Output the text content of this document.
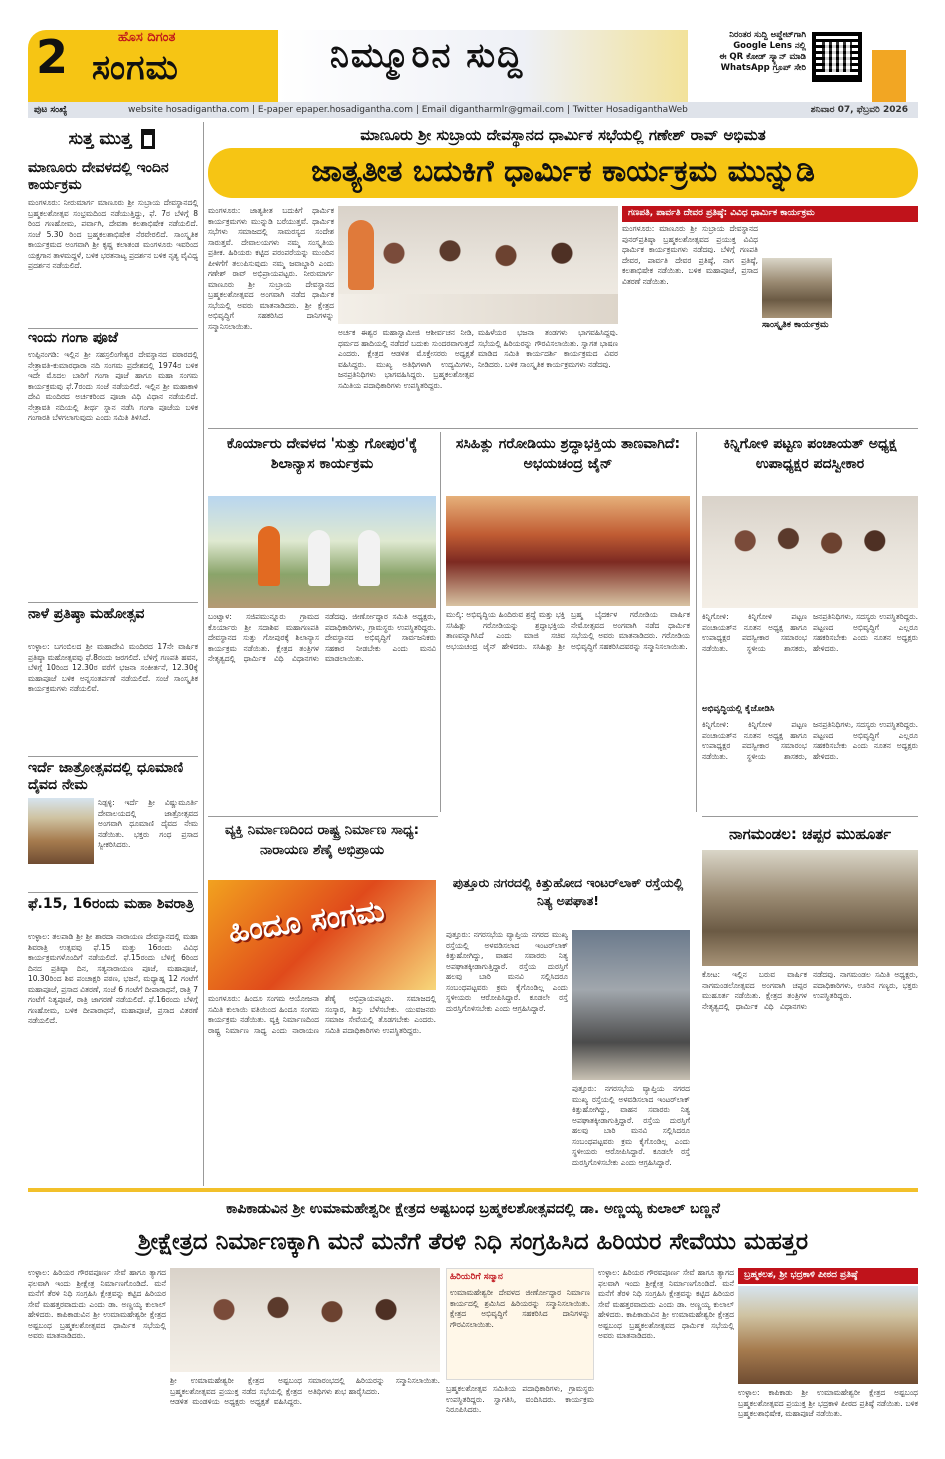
2	ಹೊಸ ದಿಗಂತ
ಸಂಗಮ	ನಿಮ್ಮೂರಿನ ಸುದ್ದಿ

ನಿರಂತರ ಸುದ್ದಿ ಅಪ್ಡೇಟ್‌ಗಾಗಿ

Google Lens ನಲ್ಲಿ

ಈ QR ಕೋಡ್ ಸ್ಕ್ಯಾನ್ ಮಾಡಿ

WhatsApp ಗ್ರೂಪ್ ಸೇರಿ

ಪುಟ ಸಂಖ್ಯೆ	website hosadiganthа.com | E-paper epaper.hosadigantha.com | Email digantharmlr@gmail.com | Twitter HosadiganthaWeb	ಶನಿವಾರ 07, ಫೆಬ್ರವರಿ 2026
ಸುತ್ತ ಮುತ್ತ
ಮಾಣೂರು ದೇವಳದಲ್ಲಿ ಇಂದಿನ ಕಾರ್ಯಕ್ರಮ
ಮಂಗಳೂರು: ನೀರುಮಾರ್ಗ ಮಾಣೂರು ಶ್ರೀ ಸುಬ್ರಾಯ ದೇವಸ್ಥಾನದಲ್ಲಿ ಬ್ರಹ್ಮಕಲಶೋತ್ಸವ ಸಂಭ್ರಮದಿಂದ ನಡೆಯುತ್ತಿದ್ದು, ಫೆ. 7ರ ಬೆಳಿಗ್ಗೆ 8 ರಿಂದ ಗಣಹೋಮ, ಪರ್ವಾಗಿ, ದೇವತಾ ಕಲಶಾಭಿಷೇಕ ನಡೆಯಲಿದೆ. ಸಂಜೆ 5.30 ರಿಂದ ಬ್ರಹ್ಮಕಲಶಾಭಿಷೇಕ ನೆರವೇರಲಿದೆ. ಸಾಂಸ್ಕೃತಿಕ ಕಾರ್ಯಕ್ರಮದ ಅಂಗವಾಗಿ ಶ್ರೀ ಕೃಷ್ಣ ಕಲಾತಂಡ ಮಂಗಳೂರು ಇವರಿಂದ ಯಕ್ಷಗಾನ ತಾಳಮದ್ದಳೆ, ಬಳಿಕ ಭರತನಾಟ್ಯ ಪ್ರದರ್ಶನ ಬಳಿಕ ನೃತ್ಯ ವೈವಿಧ್ಯ ಪ್ರದರ್ಶನ ನಡೆಯಲಿದೆ.
ಇಂದು ಗಂಗಾ ಪೂಜೆ
ಉಪ್ಪಿನಂಗಡಿ: ಇಲ್ಲಿನ ಶ್ರೀ ಸಹಸ್ರಲಿಂಗೇಶ್ವರ ದೇವಸ್ಥಾನದ ವಠಾರದಲ್ಲಿ ನೇತ್ರಾವತಿ-ಕುಮಾರಧಾರಾ ನದಿ ಸಂಗಮ ಪ್ರದೇಶದಲ್ಲಿ 1974ರ ಬಳಿಕ ಇದೇ ಮೊದಲ ಬಾರಿಗೆ ಗಂಗಾ ಪೂಜೆ ಹಾಗೂ ಮಹಾ ಸಂಗಮ ಕಾರ್ಯಕ್ರಮವು ಫೆ.7ರಂದು ಸಂಜೆ ನಡೆಯಲಿದೆ. ಇಲ್ಲಿನ ಶ್ರೀ ಮಹಾಕಾಳಿ ದೇವಿ ಮಂದಿರದ ಅರ್ಚಕರಿಂದ ಪೂಜಾ ವಿಧಿ ವಿಧಾನ ನಡೆಯಲಿದೆ. ನೇತ್ರಾವತಿ ನದಿಯಲ್ಲಿ ತೀರ್ಥ ಸ್ನಾನ ನಡೆಸಿ ಗಂಗಾ ಪೂಜೆಯ ಬಳಿಕ ಗಂಗಾರತಿ ಬೆಳಗಲಾಗುವುದು ಎಂದು ಸಮಿತಿ ತಿಳಿಸಿದೆ.
ನಾಳೆ ಪ್ರತಿಷ್ಠಾ ಮಹೋತ್ಸವ
ಉಳ್ಳಾಲ: ಬಗಂಬಿಲದ ಶ್ರೀ ಮಹಾದೇವಿ ಮಂದಿರದ 17ನೇ ವಾರ್ಷಿಕ ಪ್ರತಿಷ್ಠಾ ಮಹೋತ್ಸವವು ಫೆ.8ರಂದು ಜರಗಲಿದೆ. ಬೆಳಿಗ್ಗೆ ಗಣಪತಿ ಹವನ, ಬೆಳಿಗ್ಗೆ 10ರಿಂದ 12.30ರ ವರೆಗೆ ಭಜನಾ ಸಂಕೀರ್ತನೆ, 12.30ಕ್ಕೆ ಮಹಾಪೂಜೆ ಬಳಿಕ ಅನ್ನಸಂತರ್ಪಣೆ ನಡೆಯಲಿದೆ. ಸಂಜೆ ಸಾಂಸ್ಕೃತಿಕ ಕಾರ್ಯಕ್ರಮಗಳು ನಡೆಯಲಿವೆ.
ಇರ್ದೆ ಜಾತ್ರೋತ್ಸವದಲ್ಲಿ ಧೂಮಾಣಿ ದೈವದ ನೇಮ
ನಿಡ್ಪಳ್ಳಿ: ಇರ್ದೆ ಶ್ರೀ ವಿಷ್ಣುಮೂರ್ತಿ ದೇವಾಲಯದಲ್ಲಿ ಜಾತ್ರೋತ್ಸವದ ಅಂಗವಾಗಿ ಧೂಮಾಣಿ ದೈವದ ನೇಮ ನಡೆಯಿತು. ಭಕ್ತರು ಗಂಧ ಪ್ರಸಾದ ಸ್ವೀಕರಿಸಿದರು.
ಫೆ.15, 16ರಂದು ಮಹಾ ಶಿವರಾತ್ರಿ
ಉಳ್ಳಾಲ: ತಲಪಾಡಿ ಶ್ರೀ ಶ್ರೀ ಶಾರದಾ ನಾರಾಯಣ ದೇವಸ್ಥಾನದಲ್ಲಿ ಮಹಾ ಶಿವರಾತ್ರಿ ಉತ್ಸವವು ಫೆ.15 ಮತ್ತು 16ರಂದು ವಿವಿಧ ಕಾರ್ಯಕ್ರಮಗಳೊಂದಿಗೆ ನಡೆಯಲಿದೆ. ಫೆ.15ರಂದು ಬೆಳಿಗ್ಗೆ 6ರಿಂದ ದಿನದ ಪ್ರತಿಷ್ಠಾ ದಿನ, ಸತ್ಯನಾರಾಯಣ ಪೂಜೆ, ಮಹಾಪೂಜೆ, 10.30ರಿಂದ ಶಿವ ಪಂಚಾಕ್ಷರಿ ಪಠಣ, ಭಜನೆ, ಮಧ್ಯಾಹ್ನ 12 ಗಂಟೆಗೆ ಮಹಾಪೂಜೆ, ಪ್ರಸಾದ ವಿತರಣೆ, ಸಂಜೆ 6 ಗಂಟೆಗೆ ದೀಪಾರಾಧನೆ, ರಾತ್ರಿ 7 ಗಂಟೆಗೆ ನಿತ್ಯಪೂಜೆ, ರಾತ್ರಿ ಜಾಗರಣೆ ನಡೆಯಲಿದೆ. ಫೆ.16ರಂದು ಬೆಳಿಗ್ಗೆ ಗಣಹೋಮ, ಬಳಿಕ ದೀಪಾರಾಧನೆ, ಮಹಾಪೂಜೆ, ಪ್ರಸಾದ ವಿತರಣೆ ನಡೆಯಲಿದೆ.
ಮಾಣೂರು ಶ್ರೀ ಸುಬ್ರಾಯ ದೇವಸ್ಥಾನದ ಧಾರ್ಮಿಕ ಸಭೆಯಲ್ಲಿ ಗಣೇಶ್ ರಾವ್ ಅಭಿಮತ
ಜಾತ್ಯತೀತ ಬದುಕಿಗೆ ಧಾರ್ಮಿಕ ಕಾರ್ಯಕ್ರಮ ಮುನ್ನುಡಿ
ಮಂಗಳೂರು: ಜಾತ್ಯತೀತ ಬದುಕಿಗೆ ಧಾರ್ಮಿಕ ಕಾರ್ಯಕ್ರಮಗಳು ಮುನ್ನುಡಿ ಬರೆಯುತ್ತವೆ. ಧಾರ್ಮಿಕ ಸಭೆಗಳು ಸಮಾಜದಲ್ಲಿ ಸಾಮರಸ್ಯದ ಸಂದೇಶ ಸಾರುತ್ತವೆ. ದೇವಾಲಯಗಳು ನಮ್ಮ ಸಂಸ್ಕೃತಿಯ ಪ್ರತೀಕ. ಹಿರಿಯರು ಕಟ್ಟಿದ ಪರಂಪರೆಯನ್ನು ಮುಂದಿನ ಪೀಳಿಗೆಗೆ ತಲುಪಿಸುವುದು ನಮ್ಮ ಜವಾಬ್ದಾರಿ ಎಂದು ಗಣೇಶ್ ರಾವ್ ಅಭಿಪ್ರಾಯಪಟ್ಟರು. ನೀರುಮಾರ್ಗ ಮಾಣೂರು ಶ್ರೀ ಸುಬ್ರಾಯ ದೇವಸ್ಥಾನದ ಬ್ರಹ್ಮಕಲಶೋತ್ಸವದ ಅಂಗವಾಗಿ ನಡೆದ ಧಾರ್ಮಿಕ ಸಭೆಯಲ್ಲಿ ಅವರು ಮಾತನಾಡಿದರು. ಶ್ರೀ ಕ್ಷೇತ್ರದ ಅಭಿವೃದ್ಧಿಗೆ ಸಹಕರಿಸಿದ ದಾನಿಗಳನ್ನು ಸನ್ಮಾನಿಸಲಾಯಿತು.
ಅರ್ಚಕ ಈಶ್ವರ ಮಹಾಸ್ವಾಮೀಜಿ ಆಶೀರ್ವಚನ ನೀಡಿ, ಧರ್ಮದ ಹಾದಿಯಲ್ಲಿ ನಡೆದರೆ ಬದುಕು ಸುಂದರವಾಗುತ್ತದೆ ಎಂದರು. ಕ್ಷೇತ್ರದ ಆಡಳಿತ ಮೊಕ್ತೇಸರರು ಅಧ್ಯಕ್ಷತೆ ವಹಿಸಿದ್ದರು. ಮುಖ್ಯ ಅತಿಥಿಗಳಾಗಿ ಉದ್ಯಮಿಗಳು, ಜನಪ್ರತಿನಿಧಿಗಳು ಭಾಗವಹಿಸಿದ್ದರು. ಬ್ರಹ್ಮಕಲಶೋತ್ಸವ ಸಮಿತಿಯ ಪದಾಧಿಕಾರಿಗಳು ಉಪಸ್ಥಿತರಿದ್ದರು.
ಮಹಿಳೆಯರ ಭಜನಾ ತಂಡಗಳು ಭಾಗವಹಿಸಿದ್ದವು. ಸಭೆಯಲ್ಲಿ ಹಿರಿಯರನ್ನು ಗೌರವಿಸಲಾಯಿತು. ಸ್ವಾಗತ ಭಾಷಣ ಮಾಡಿದ ಸಮಿತಿ ಕಾರ್ಯದರ್ಶಿ ಕಾರ್ಯಕ್ರಮದ ವಿವರ ನೀಡಿದರು. ಬಳಿಕ ಸಾಂಸ್ಕೃತಿಕ ಕಾರ್ಯಕ್ರಮಗಳು ನಡೆದವು.
ಗಣಪತಿ, ಪಾರ್ವತಿ ದೇವರ ಪ್ರತಿಷ್ಠೆ: ವಿವಿಧ ಧಾರ್ಮಿಕ ಕಾರ್ಯಕ್ರಮ
ಮಂಗಳೂರು: ಮಾಣೂರು ಶ್ರೀ ಸುಬ್ರಾಯ ದೇವಸ್ಥಾನದ ಪುನರ್‌ಪ್ರತಿಷ್ಠಾ ಬ್ರಹ್ಮಕಲಶೋತ್ಸವದ ಪ್ರಯುಕ್ತ ವಿವಿಧ ಧಾರ್ಮಿಕ ಕಾರ್ಯಕ್ರಮಗಳು ನಡೆದವು. ಬೆಳಿಗ್ಗೆ ಗಣಪತಿ ದೇವರ, ಪಾರ್ವತಿ ದೇವರ ಪ್ರತಿಷ್ಠೆ, ನಾಗ ಪ್ರತಿಷ್ಠೆ, ಕಲಶಾಭಿಷೇಕ ನಡೆಯಿತು. ಬಳಿಕ ಮಹಾಪೂಜೆ, ಪ್ರಸಾದ ವಿತರಣೆ ನಡೆಯಿತು.
ಸಾಂಸ್ಕೃತಿಕ ಕಾರ್ಯಕ್ರಮ
ಕೊರ್ಯಾರು ದೇವಳದ 'ಸುತ್ತು ಗೋಪುರ'ಕ್ಕೆ ಶಿಲಾನ್ಯಾಸ ಕಾರ್ಯಕ್ರಮ
ಬಂಟ್ವಾಳ: ಸಜಿಪಮುನ್ನೂರು ಗ್ರಾಮದ ಕೊರ್ಯಾರು ಶ್ರೀ ಸದಾಶಿವ ಮಹಾಗಣಪತಿ ದೇವಸ್ಥಾನದ ಸುತ್ತು ಗೋಪುರಕ್ಕೆ ಶಿಲಾನ್ಯಾಸ ಕಾರ್ಯಕ್ರಮ ನಡೆಯಿತು. ಕ್ಷೇತ್ರದ ತಂತ್ರಿಗಳ ನೇತೃತ್ವದಲ್ಲಿ ಧಾರ್ಮಿಕ ವಿಧಿ ವಿಧಾನಗಳು ನಡೆದವು. ಜೀರ್ಣೋದ್ಧಾರ ಸಮಿತಿ ಅಧ್ಯಕ್ಷರು, ಪದಾಧಿಕಾರಿಗಳು, ಗ್ರಾಮಸ್ಥರು ಉಪಸ್ಥಿತರಿದ್ದರು. ದೇವಸ್ಥಾನದ ಅಭಿವೃದ್ಧಿಗೆ ಸಾರ್ವಜನಿಕರು ಸಹಕಾರ ನೀಡಬೇಕು ಎಂದು ಮನವಿ ಮಾಡಲಾಯಿತು.
ಸಸಿಹಿತ್ಲು ಗರೋಡಿಯು ಶ್ರದ್ಧಾಭಕ್ತಿಯ ತಾಣವಾಗಿದೆ: ಅಭಯಚಂದ್ರ ಜೈನ್
ಮುಲ್ಕಿ: ಅಭಿವೃದ್ಧಿಯ ಹಿಂದಿರುವ ಶ್ರದ್ಧೆ ಮತ್ತು ಭಕ್ತಿ ಸಸಿಹಿತ್ಲು ಗರೋಡಿಯನ್ನು ಶ್ರದ್ಧಾಭಕ್ತಿಯ ತಾಣವನ್ನಾಗಿಸಿದೆ ಎಂದು ಮಾಜಿ ಸಚಿವ ಅಭಯಚಂದ್ರ ಜೈನ್ ಹೇಳಿದರು. ಸಸಿಹಿತ್ಲು ಶ್ರೀ ಬ್ರಹ್ಮ ಬೈದರ್ಕಳ ಗರೋಡಿಯ ವಾರ್ಷಿಕ ನೇಮೋತ್ಸವದ ಅಂಗವಾಗಿ ನಡೆದ ಧಾರ್ಮಿಕ ಸಭೆಯಲ್ಲಿ ಅವರು ಮಾತನಾಡಿದರು. ಗರೋಡಿಯ ಅಭಿವೃದ್ಧಿಗೆ ಸಹಕರಿಸಿದವರನ್ನು ಸನ್ಮಾನಿಸಲಾಯಿತು.
ಕಿನ್ನಿಗೋಳಿ ಪಟ್ಟಣ ಪಂಚಾಯತ್ ಅಧ್ಯಕ್ಷ ಉಪಾಧ್ಯಕ್ಷರ ಪದಸ್ವೀಕಾರ
ಕಿನ್ನಿಗೋಳಿ: ಕಿನ್ನಿಗೋಳಿ ಪಟ್ಟಣ ಪಂಚಾಯತ್‌ನ ನೂತನ ಅಧ್ಯಕ್ಷ ಹಾಗೂ ಉಪಾಧ್ಯಕ್ಷರ ಪದಸ್ವೀಕಾರ ಸಮಾರಂಭ ನಡೆಯಿತು. ಸ್ಥಳೀಯ ಶಾಸಕರು, ಜನಪ್ರತಿನಿಧಿಗಳು, ಸದಸ್ಯರು ಉಪಸ್ಥಿತರಿದ್ದರು. ಪಟ್ಟಣದ ಅಭಿವೃದ್ಧಿಗೆ ಎಲ್ಲರೂ ಸಹಕರಿಸಬೇಕು ಎಂದು ನೂತನ ಅಧ್ಯಕ್ಷರು ಹೇಳಿದರು.
ಅಭಿವೃದ್ಧಿಯಲ್ಲಿ ಕೈಜೋಡಿಸಿ
ಕಿನ್ನಿಗೋಳಿ: ಕಿನ್ನಿಗೋಳಿ ಪಟ್ಟಣ ಪಂಚಾಯತ್‌ನ ನೂತನ ಅಧ್ಯಕ್ಷ ಹಾಗೂ ಉಪಾಧ್ಯಕ್ಷರ ಪದಸ್ವೀಕಾರ ಸಮಾರಂಭ ನಡೆಯಿತು. ಸ್ಥಳೀಯ ಶಾಸಕರು, ಜನಪ್ರತಿನಿಧಿಗಳು, ಸದಸ್ಯರು ಉಪಸ್ಥಿತರಿದ್ದರು. ಪಟ್ಟಣದ ಅಭಿವೃದ್ಧಿಗೆ ಎಲ್ಲರೂ ಸಹಕರಿಸಬೇಕು ಎಂದು ನೂತನ ಅಧ್ಯಕ್ಷರು ಹೇಳಿದರು.
ವ್ಯಕ್ತಿ ನಿರ್ಮಾಣದಿಂದ ರಾಷ್ಟ್ರ ನಿರ್ಮಾಣ ಸಾಧ್ಯ: ನಾರಾಯಣ ಶೆಣೈ ಅಭಿಪ್ರಾಯ
ಹಿಂದೂ ಸಂಗಮ
ಮಂಗಳೂರು: ಹಿಂದೂ ಸಂಗಮ ಆಯೋಜನಾ ಸಮಿತಿ ಕುಲಾಯಿ ವತಿಯಿಂದ ಹಿಂದೂ ಸಂಗಮ ಕಾರ್ಯಕ್ರಮ ನಡೆಯಿತು. ವ್ಯಕ್ತಿ ನಿರ್ಮಾಣದಿಂದ ರಾಷ್ಟ್ರ ನಿರ್ಮಾಣ ಸಾಧ್ಯ ಎಂದು ನಾರಾಯಣ ಶೆಣೈ ಅಭಿಪ್ರಾಯಪಟ್ಟರು. ಸಮಾಜದಲ್ಲಿ ಸಂಸ್ಕಾರ, ಶಿಸ್ತು ಬೆಳೆಸಬೇಕು. ಯುವಜನರು ಸಮಾಜ ಸೇವೆಯಲ್ಲಿ ತೊಡಗಬೇಕು ಎಂದರು. ಸಮಿತಿ ಪದಾಧಿಕಾರಿಗಳು ಉಪಸ್ಥಿತರಿದ್ದರು.
ಪುತ್ತೂರು ನಗರದಲ್ಲಿ ಕಿತ್ತುಹೋದ ಇಂಟರ್‌ಲಾಕ್ ರಸ್ತೆಯಲ್ಲಿ ನಿತ್ಯ ಅಪಘಾತ!
ಪುತ್ತೂರು: ನಗರಸಭೆಯ ವ್ಯಾಪ್ತಿಯ ನಗರದ ಮುಖ್ಯ ರಸ್ತೆಯಲ್ಲಿ ಅಳವಡಿಸಲಾದ ಇಂಟರ್‌ಲಾಕ್ ಕಿತ್ತುಹೋಗಿದ್ದು, ವಾಹನ ಸವಾರರು ನಿತ್ಯ ಅಪಘಾತಕ್ಕೀಡಾಗುತ್ತಿದ್ದಾರೆ. ರಸ್ತೆಯ ದುರಸ್ತಿಗೆ ಹಲವು ಬಾರಿ ಮನವಿ ಸಲ್ಲಿಸಿದರೂ ಸಂಬಂಧಪಟ್ಟವರು ಕ್ರಮ ಕೈಗೊಂಡಿಲ್ಲ ಎಂದು ಸ್ಥಳೀಯರು ಆರೋಪಿಸಿದ್ದಾರೆ. ಕೂಡಲೇ ರಸ್ತೆ ದುರಸ್ತಿಗೊಳಿಸಬೇಕು ಎಂದು ಆಗ್ರಹಿಸಿದ್ದಾರೆ.
ಪುತ್ತೂರು: ನಗರಸಭೆಯ ವ್ಯಾಪ್ತಿಯ ನಗರದ ಮುಖ್ಯ ರಸ್ತೆಯಲ್ಲಿ ಅಳವಡಿಸಲಾದ ಇಂಟರ್‌ಲಾಕ್ ಕಿತ್ತುಹೋಗಿದ್ದು, ವಾಹನ ಸವಾರರು ನಿತ್ಯ ಅಪಘಾತಕ್ಕೀಡಾಗುತ್ತಿದ್ದಾರೆ. ರಸ್ತೆಯ ದುರಸ್ತಿಗೆ ಹಲವು ಬಾರಿ ಮನವಿ ಸಲ್ಲಿಸಿದರೂ ಸಂಬಂಧಪಟ್ಟವರು ಕ್ರಮ ಕೈಗೊಂಡಿಲ್ಲ ಎಂದು ಸ್ಥಳೀಯರು ಆರೋಪಿಸಿದ್ದಾರೆ. ಕೂಡಲೇ ರಸ್ತೆ ದುರಸ್ತಿಗೊಳಿಸಬೇಕು ಎಂದು ಆಗ್ರಹಿಸಿದ್ದಾರೆ.
ನಾಗಮಂಡಲ: ಚಪ್ಪರ ಮುಹೂರ್ತ
ಕೋಟ: ಇಲ್ಲಿನ ಬರುವ ವಾರ್ಷಿಕ ನಾಗಮಂಡಲೋತ್ಸವದ ಅಂಗವಾಗಿ ಚಪ್ಪರ ಮುಹೂರ್ತ ನಡೆಯಿತು. ಕ್ಷೇತ್ರದ ತಂತ್ರಿಗಳ ನೇತೃತ್ವದಲ್ಲಿ ಧಾರ್ಮಿಕ ವಿಧಿ ವಿಧಾನಗಳು ನಡೆದವು. ನಾಗಮಂಡಲ ಸಮಿತಿ ಅಧ್ಯಕ್ಷರು, ಪದಾಧಿಕಾರಿಗಳು, ಊರಿನ ಗಣ್ಯರು, ಭಕ್ತರು ಉಪಸ್ಥಿತರಿದ್ದರು.
ಕಾಪಿಕಾಡುವಿನ ಶ್ರೀ ಉಮಾಮಹೇಶ್ವರೀ ಕ್ಷೇತ್ರದ ಅಷ್ಟಬಂಧ ಬ್ರಹ್ಮಕಲಶೋತ್ಸವದಲ್ಲಿ ಡಾ. ಅಣ್ಣಯ್ಯ ಕುಲಾಲ್ ಬಣ್ಣನೆ
ಶ್ರೀಕ್ಷೇತ್ರದ ನಿರ್ಮಾಣಕ್ಕಾಗಿ ಮನೆ ಮನೆಗೆ ತೆರಳಿ ನಿಧಿ ಸಂಗ್ರಹಿಸಿದ ಹಿರಿಯರ ಸೇವೆಯು ಮಹತ್ತರ
ಉಳ್ಳಾಲ: ಹಿರಿಯರ ಗೌರವಪೂರ್ಣ ಸೇವೆ ಹಾಗೂ ತ್ಯಾಗದ ಫಲವಾಗಿ ಇಂದು ಶ್ರೀಕ್ಷೇತ್ರ ನಿರ್ಮಾಣಗೊಂಡಿದೆ. ಮನೆ ಮನೆಗೆ ತೆರಳಿ ನಿಧಿ ಸಂಗ್ರಹಿಸಿ ಕ್ಷೇತ್ರವನ್ನು ಕಟ್ಟಿದ ಹಿರಿಯರ ಸೇವೆ ಮಹತ್ತರವಾದುದು ಎಂದು ಡಾ. ಅಣ್ಣಯ್ಯ ಕುಲಾಲ್ ಹೇಳಿದರು. ಕಾಪಿಕಾಡುವಿನ ಶ್ರೀ ಉಮಾಮಹೇಶ್ವರೀ ಕ್ಷೇತ್ರದ ಅಷ್ಟಬಂಧ ಬ್ರಹ್ಮಕಲಶೋತ್ಸವದ ಧಾರ್ಮಿಕ ಸಭೆಯಲ್ಲಿ ಅವರು ಮಾತನಾಡಿದರು.
ಶ್ರೀ ಉಮಾಮಹೇಶ್ವರೀ ಕ್ಷೇತ್ರದ ಅಷ್ಟಬಂಧ ಬ್ರಹ್ಮಕಲಶೋತ್ಸವದ ಪ್ರಯುಕ್ತ ನಡೆದ ಸಭೆಯಲ್ಲಿ ಕ್ಷೇತ್ರದ ಆಡಳಿತ ಮಂಡಳಿಯ ಅಧ್ಯಕ್ಷರು ಅಧ್ಯಕ್ಷತೆ ವಹಿಸಿದ್ದರು. ಸಮಾರಂಭದಲ್ಲಿ ಹಿರಿಯರನ್ನು ಸನ್ಮಾನಿಸಲಾಯಿತು. ಅತಿಥಿಗಳು ಶುಭ ಹಾರೈಸಿದರು.
ಹಿರಿಯರಿಗೆ ಸನ್ಮಾನ
ಉಮಾಮಹೇಶ್ವರೀ ದೇವಳದ ಜೀರ್ಣೋದ್ಧಾರ ನಿರ್ಮಾಣ ಕಾರ್ಯದಲ್ಲಿ ಶ್ರಮಿಸಿದ ಹಿರಿಯರನ್ನು ಸನ್ಮಾನಿಸಲಾಯಿತು. ಕ್ಷೇತ್ರದ ಅಭಿವೃದ್ಧಿಗೆ ಸಹಕರಿಸಿದ ದಾನಿಗಳನ್ನು ಗೌರವಿಸಲಾಯಿತು.
ಬ್ರಹ್ಮಕಲಶೋತ್ಸವ ಸಮಿತಿಯ ಪದಾಧಿಕಾರಿಗಳು, ಗ್ರಾಮಸ್ಥರು ಉಪಸ್ಥಿತರಿದ್ದರು. ಸ್ವಾಗತಿಸಿ, ವಂದಿಸಿದರು. ಕಾರ್ಯಕ್ರಮ ನಿರೂಪಿಸಿದರು.
ಉಳ್ಳಾಲ: ಹಿರಿಯರ ಗೌರವಪೂರ್ಣ ಸೇವೆ ಹಾಗೂ ತ್ಯಾಗದ ಫಲವಾಗಿ ಇಂದು ಶ್ರೀಕ್ಷೇತ್ರ ನಿರ್ಮಾಣಗೊಂಡಿದೆ. ಮನೆ ಮನೆಗೆ ತೆರಳಿ ನಿಧಿ ಸಂಗ್ರಹಿಸಿ ಕ್ಷೇತ್ರವನ್ನು ಕಟ್ಟಿದ ಹಿರಿಯರ ಸೇವೆ ಮಹತ್ತರವಾದುದು ಎಂದು ಡಾ. ಅಣ್ಣಯ್ಯ ಕುಲಾಲ್ ಹೇಳಿದರು. ಕಾಪಿಕಾಡುವಿನ ಶ್ರೀ ಉಮಾಮಹೇಶ್ವರೀ ಕ್ಷೇತ್ರದ ಅಷ್ಟಬಂಧ ಬ್ರಹ್ಮಕಲಶೋತ್ಸವದ ಧಾರ್ಮಿಕ ಸಭೆಯಲ್ಲಿ ಅವರು ಮಾತನಾಡಿದರು.
ಬ್ರಹ್ಮಕಲಶ, ಶ್ರೀ ಭದ್ರಕಾಳಿ ಪೀಠದ ಪ್ರತಿಷ್ಠೆ
ಉಳ್ಳಾಲ: ಕಾಪಿಕಾಡು ಶ್ರೀ ಉಮಾಮಹೇಶ್ವರೀ ಕ್ಷೇತ್ರದ ಅಷ್ಟಬಂಧ ಬ್ರಹ್ಮಕಲಶೋತ್ಸವದ ಪ್ರಯುಕ್ತ ಶ್ರೀ ಭದ್ರಕಾಳಿ ಪೀಠದ ಪ್ರತಿಷ್ಠೆ ನಡೆಯಿತು. ಬಳಿಕ ಬ್ರಹ್ಮಕಲಶಾಭಿಷೇಕ, ಮಹಾಪೂಜೆ ನಡೆಯಿತು.
